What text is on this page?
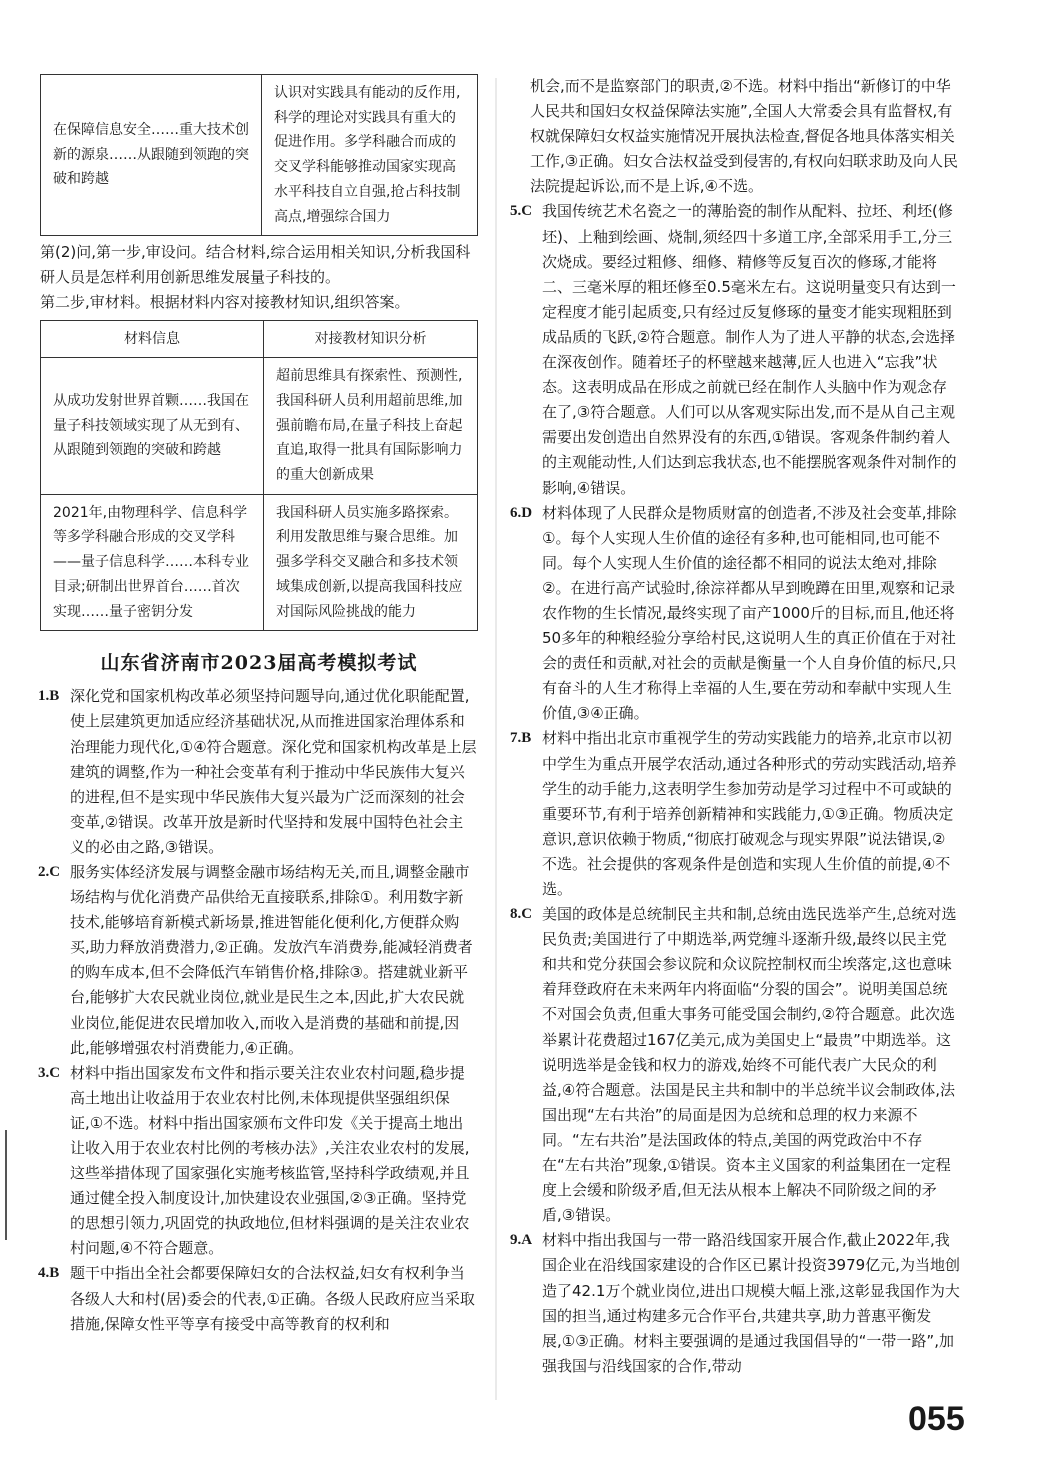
在保障信息安全……重大技术创新的源泉……从跟随到领跑的突破和跨越	认识对实践具有能动的反作用,科学的理论对实践具有重大的促进作用。多学科融合而成的交叉学科能够推动国家实现高水平科技自立自强,抢占科技制高点,增强综合国力

第(2)问,第一步,审设问。结合材料,综合运用相关知识,分析我国科研人员是怎样利用创新思维发展量子科技的。

第二步,审材料。根据材料内容对接教材知识,组织答案。

材料信息	对接教材知识分析
从成功发射世界首颗……我国在量子科技领域实现了从无到有、从跟随到领跑的突破和跨越	超前思维具有探索性、预测性,我国科研人员利用超前思维,加强前瞻布局,在量子科技上奋起直追,取得一批具有国际影响力的重大创新成果
2021年,由物理科学、信息科学等多学科融合形成的交叉学科——量子信息科学……本科专业目录;研制出世界首台……首次实现……量子密钥分发	我国科研人员实施多路探索。利用发散思维与聚合思维。加强多学科交叉融合和多技术领域集成创新,以提高我国科技应对国际风险挑战的能力
山东省济南市2023届高考模拟考试

1.B 深化党和国家机构改革必须坚持问题导向,通过优化职能配置,使上层建筑更加适应经济基础状况,从而推进国家治理体系和治理能力现代化,①④符合题意。深化党和国家机构改革是上层建筑的调整,作为一种社会变革有利于推动中华民族伟大复兴的进程,但不是实现中华民族伟大复兴最为广泛而深刻的社会变革,②错误。改革开放是新时代坚持和发展中国特色社会主义的必由之路,③错误。

2.C 服务实体经济发展与调整金融市场结构无关,而且,调整金融市场结构与优化消费产品供给无直接联系,排除①。利用数字新技术,能够培育新模式新场景,推进智能化便利化,方便群众购买,助力释放消费潜力,②正确。发放汽车消费券,能减轻消费者的购车成本,但不会降低汽车销售价格,排除③。搭建就业新平台,能够扩大农民就业岗位,就业是民生之本,因此,扩大农民就业岗位,能促进农民增加收入,而收入是消费的基础和前提,因此,能够增强农村消费能力,④正确。

3.C 材料中指出国家发布文件和指示要关注农业农村问题,稳步提高土地出让收益用于农业农村比例,未体现提供坚强组织保证,①不选。材料中指出国家颁布文件印发《关于提高土地出让收入用于农业农村比例的考核办法》,关注农业农村的发展,这些举措体现了国家强化实施考核监管,坚持科学政绩观,并且通过健全投入制度设计,加快建设农业强国,②③正确。坚持党的思想引领力,巩固党的执政地位,但材料强调的是关注农业农村问题,④不符合题意。

4.B 题干中指出全社会都要保障妇女的合法权益,妇女有权利争当各级人大和村(居)委会的代表,①正确。各级人民政府应当采取措施,保障女性平等享有接受中高等教育的权利和

机会,而不是监察部门的职责,②不选。材料中指出“新修订的中华人民共和国妇女权益保障法实施”,全国人大常委会具有监督权,有权就保障妇女权益实施情况开展执法检查,督促各地具体落实相关工作,③正确。妇女合法权益受到侵害的,有权向妇联求助及向人民法院提起诉讼,而不是上诉,④不选。

5.C 我国传统艺术名瓷之一的薄胎瓷的制作从配料、拉坯、利坯(修坯)、上釉到绘画、烧制,须经四十多道工序,全部采用手工,分三次烧成。要经过粗修、细修、精修等反复百次的修琢,才能将二、三毫米厚的粗坯修至0.5毫米左右。这说明量变只有达到一定程度才能引起质变,只有经过反复修琢的量变才能实现粗胚到成品质的飞跃,②符合题意。制作人为了进人平静的状态,会选择在深夜创作。随着坯子的杯壁越来越薄,匠人也进入“忘我”状态。这表明成品在形成之前就已经在制作人头脑中作为观念存在了,③符合题意。人们可以从客观实际出发,而不是从自己主观需要出发创造出自然界没有的东西,①错误。客观条件制约着人的主观能动性,人们达到忘我状态,也不能摆脱客观条件对制作的影响,④错误。

6.D 材料体现了人民群众是物质财富的创造者,不涉及社会变革,排除①。每个人实现人生价值的途径有多种,也可能相同,也可能不同。每个人实现人生价值的途径都不相同的说法太绝对,排除②。在进行高产试验时,徐淙祥都从早到晚蹲在田里,观察和记录农作物的生长情况,最终实现了亩产1000斤的目标,而且,他还将50多年的种粮经验分享给村民,这说明人生的真正价值在于对社会的责任和贡献,对社会的贡献是衡量一个人自身价值的标尺,只有奋斗的人生才称得上幸福的人生,要在劳动和奉献中实现人生价值,③④正确。

7.B 材料中指出北京市重视学生的劳动实践能力的培养,北京市以初中学生为重点开展学农活动,通过各种形式的劳动实践活动,培养学生的动手能力,这表明学生参加劳动是学习过程中不可或缺的重要环节,有利于培养创新精神和实践能力,①③正确。物质决定意识,意识依赖于物质,“彻底打破观念与现实界限”说法错误,②不选。社会提供的客观条件是创造和实现人生价值的前提,④不选。

8.C 美国的政体是总统制民主共和制,总统由选民选举产生,总统对选民负责;美国进行了中期选举,两党缠斗逐渐升级,最终以民主党和共和党分获国会参议院和众议院控制权而尘埃落定,这也意味着拜登政府在未来两年内将面临“分裂的国会”。说明美国总统不对国会负责,但重大事务可能受国会制约,②符合题意。此次选举累计花费超过167亿美元,成为美国史上“最贵”中期选举。这说明选举是金钱和权力的游戏,始终不可能代表广大民众的利益,④符合题意。法国是民主共和制中的半总统半议会制政体,法国出现“左右共治”的局面是因为总统和总理的权力来源不同。“左右共治”是法国政体的特点,美国的两党政治中不存在“左右共治”现象,①错误。资本主义国家的利益集团在一定程度上会缓和阶级矛盾,但无法从根本上解决不同阶级之间的矛盾,③错误。

9.A 材料中指出我国与一带一路沿线国家开展合作,截止2022年,我国企业在沿线国家建设的合作区已累计投资3979亿元,为当地创造了42.1万个就业岗位,进出口规模大幅上涨,这彰显我国作为大国的担当,通过构建多元合作平台,共建共享,助力普惠平衡发展,①③正确。材料主要强调的是通过我国倡导的“一带一路”,加强我国与沿线国家的合作,带动

055
